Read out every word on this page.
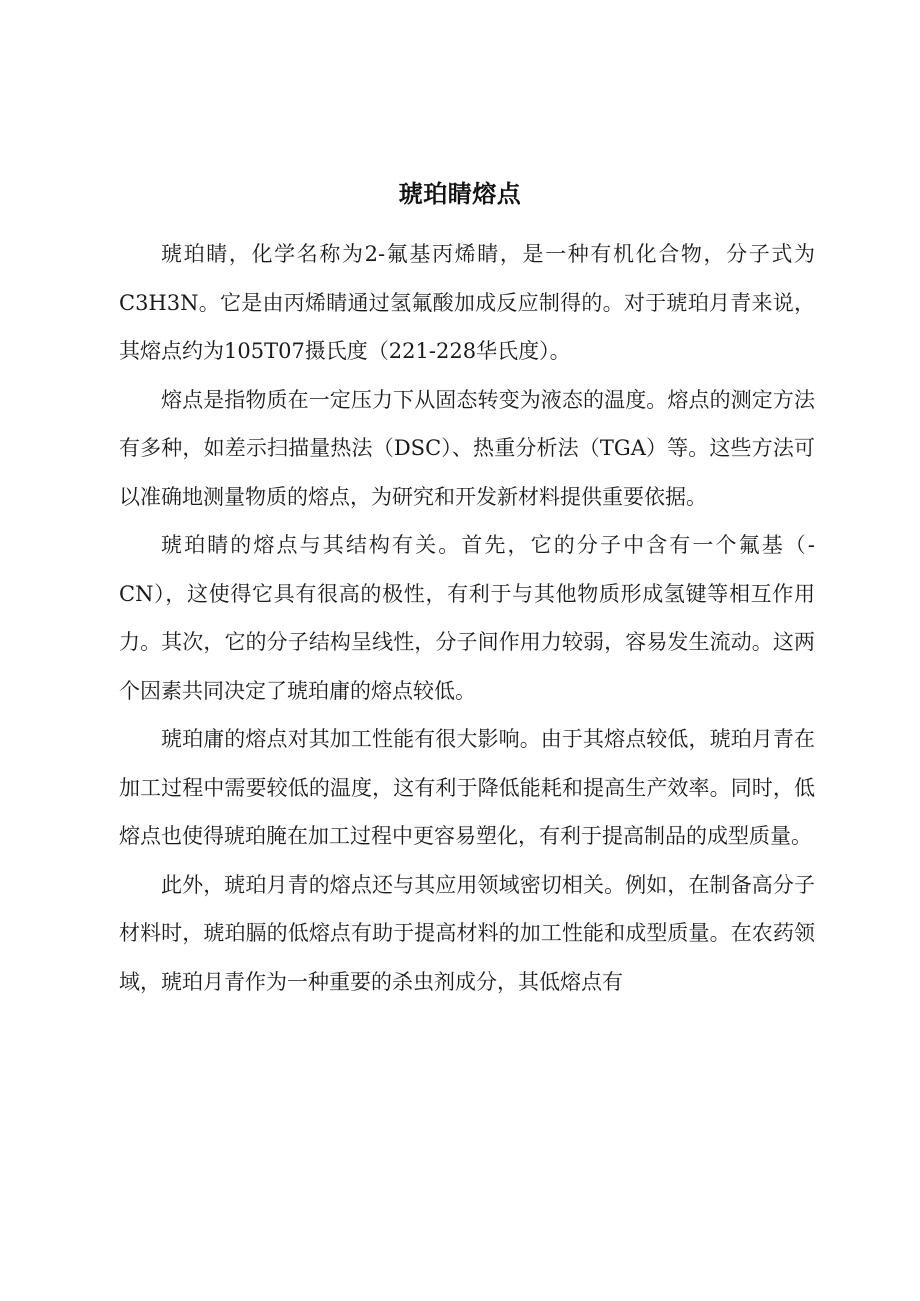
琥珀睛熔点

琥珀睛，化学名称为2-氟基丙烯睛，是一种有机化合物，分子式为C3H3N。它是由丙烯睛通过氢氟酸加成反应制得的。对于琥珀月青来说，其熔点约为105T07摄氏度（221-228华氏度）。

熔点是指物质在一定压力下从固态转变为液态的温度。熔点的测定方法有多种，如差示扫描量热法（DSC）、热重分析法（TGA）等。这些方法可以准确地测量物质的熔点，为研究和开发新材料提供重要依据。

琥珀睛的熔点与其结构有关。首先，它的分子中含有一个氟基（-CN），这使得它具有很高的极性，有利于与其他物质形成氢键等相互作用力。其次，它的分子结构呈线性，分子间作用力较弱，容易发生流动。这两个因素共同决定了琥珀庸的熔点较低。

琥珀庸的熔点对其加工性能有很大影响。由于其熔点较低，琥珀月青在加工过程中需要较低的温度，这有利于降低能耗和提高生产效率。同时，低熔点也使得琥珀腌在加工过程中更容易塑化，有利于提高制品的成型质量。

此外，琥珀月青的熔点还与其应用领域密切相关。例如，在制备高分子材料时，琥珀膈的低熔点有助于提高材料的加工性能和成型质量。在农药领域，琥珀月青作为一种重要的杀虫剂成分，其低熔点有
